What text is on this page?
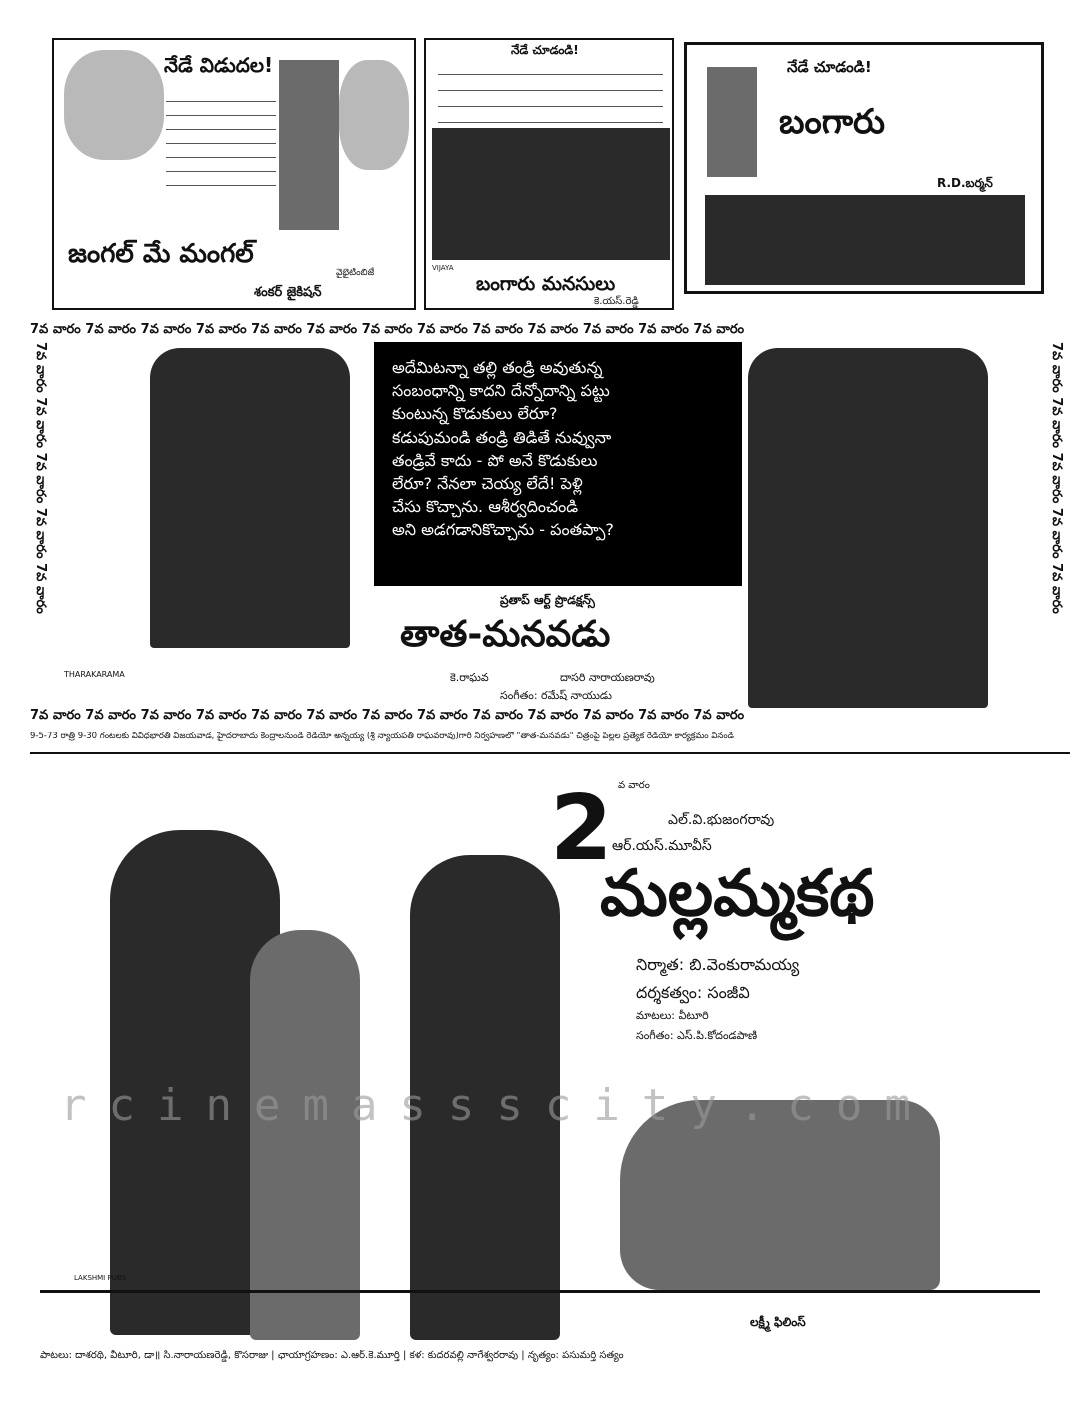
నేడే విడుదల!
జంగల్ మే మంగల్
శంకర్ జైకిషన్
వైభైటింబిజే
నేడే చూడండి!
VIJAYA
బంగారు మనసులు
కె.యస్.రెడ్డి
నేడే చూడండి!
బంగారు
R.D.బర్మన్
7వ వారం 7వ వారం 7వ వారం 7వ వారం 7వ వారం 7వ వారం 7వ వారం 7వ వారం 7వ వారం 7వ వారం 7వ వారం 7వ వారం 7వ వారం
7వ వారం 7వ వారం 7వ వారం 7వ వారం 7వ వారం 7వ వారం 7వ వారం 7వ వారం 7వ వారం 7వ వారం 7వ వారం 7వ వారం 7వ వారం
7వ వారం 7వ వారం 7వ వారం 7వ వారం 7వ వారం
7వ వారం 7వ వారం 7వ వారం 7వ వారం 7వ వారం
అదేమిటన్నా తల్లి తండ్రి అవుతున్న
సంబంధాన్ని కాదని దేన్నోదాన్ని పట్టు
కుంటున్న కొడుకులు లేరూ?
కడుపుమండి తండ్రి తిడితే నువ్వునా
తండ్రివే కాదు - పో అనే కొడుకులు
లేరూ? నేనలా చెయ్య లేదే! పెళ్లి
చేసు కొచ్చాను. ఆశీర్వదించండి
అని అడగడానికొచ్చాను - పంతప్పా?
ప్రతాప్ ఆర్ట్ ప్రొడక్షన్స్
తాత-మనవడు
కె.రాఘవ	దాసరి నారాయణరావు
సంగీతం: రమేష్ నాయుడు
THARAKARAMA
9-5-73 రాత్రి 9-30 గంటలకు వివిధభారతి విజయవాడ, హైదరాబాదు కేంద్రాలనుండి రేడియో అన్నయ్య (శ్రీ న్యాయపతి రాఘవరావు)గారి నిర్వహణలో "తాత-మనవడు" చిత్రంపై పిల్లల ప్రత్యేక రేడియో కార్యక్రమం వినండి
2 వ వారం
ఎల్.వి.భుజంగరావు
ఆర్.యస్.మూవీస్
మల్లమ్మకథ
నిర్మాత: బి.వెంకురామయ్య
దర్శకత్వం: సంజీవి
మాటలు: వీటూరి
సంగీతం: ఎస్.పి.కోదండపాణి
LAKSHMI PUBS
లక్ష్మీ ఫిలింస్
పాటలు: దాశరథి, వీటూరి, డా॥ సి.నారాయణరెడ్డి, కొసరాజు | ఛాయాగ్రహణం: ఎ.ఆర్.కె.మూర్తి | కళ: కుదరవల్లి నాగేశ్వరరావు | నృత్యం: పసుమర్తి సత్యం
rcinemassscity.com
